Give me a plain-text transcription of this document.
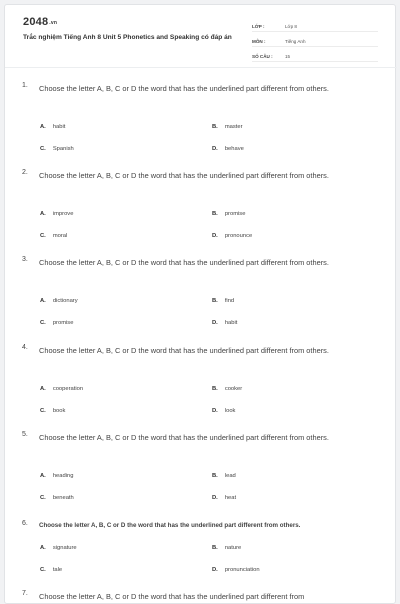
2048.vn
Trắc nghiệm Tiếng Anh 8 Unit 5 Phonetics and Speaking có đáp án
LỚP :	Lớp 8
MÔN :	Tiếng Anh
SỐ CÂU :	15
1. Choose the letter A, B, C or D the word that has the underlined part different from others.
A. habit	B. master
C. Spanish	D. behave
2. Choose the letter A, B, C or D the word that has the underlined part different from others.
A. improve	B. promise
C. moral	D. pronounce
3. Choose the letter A, B, C or D the word that has the underlined part different from others.
A. dictionary	B. find
C. promise	D. habit
4. Choose the letter A, B, C or D the word that has the underlined part different from others.
A. cooperation	B. cooker
C. book	D. look
5. Choose the letter A, B, C or D the word that has the underlined part different from others.
A. heading	B. lead
C. beneath	D. heat
6. Choose the letter A, B, C or D the word that has the underlined part different from others.
A. signature	B. nature
C. tale	D. pronunciation
7. Choose the letter A, B, C or D the word that has the underlined part different from
